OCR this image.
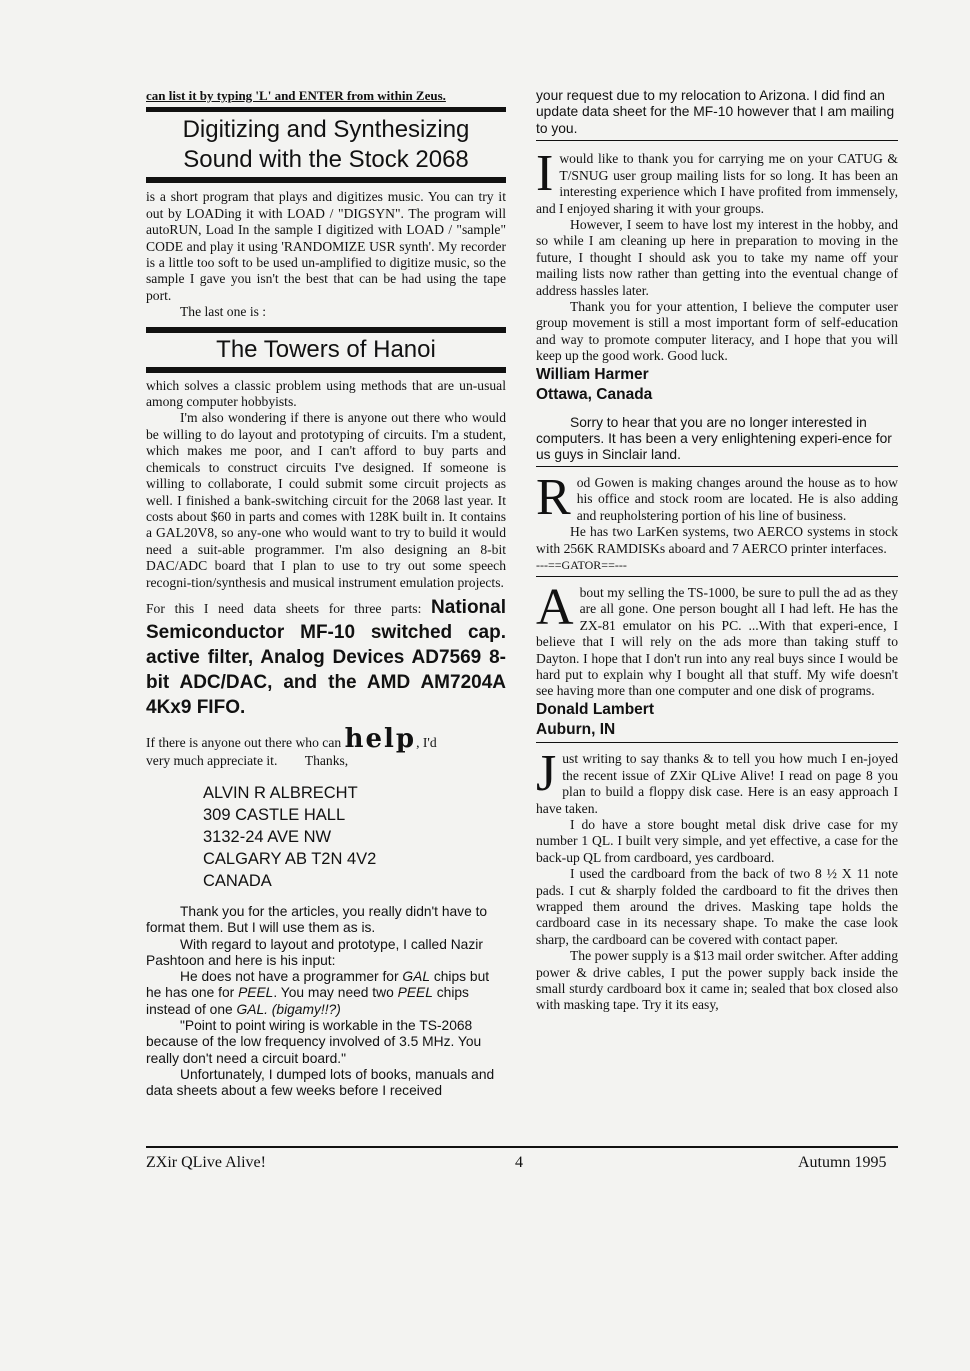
can list it by typing 'L' and ENTER from within Zeus.

Digitizing and Synthesizing
Sound with the Stock 2068

is a short program that plays and digitizes music. You can try it out by LOADing it with LOAD / "DIGSYN". The program will autoRUN, Load In the sample I digitized with LOAD / "sample" CODE and play it using 'RANDOMIZE USR synth'. My recorder is a little too soft to be used un-amplified to digitize music, so the sample I gave you isn't the best that can be had using the tape port.

The last one is :

The Towers of Hanoi

which solves a classic problem using methods that are un-usual among computer hobbyists.

I'm also wondering if there is anyone out there who would be willing to do layout and prototyping of circuits. I'm a student, which makes me poor, and I can't afford to buy parts and chemicals to construct circuits I've designed. If someone is willing to collaborate, I could submit some circuit projects as well. I finished a bank-switching circuit for the 2068 last year. It costs about $60 in parts and comes with 128K built in. It contains a GAL20V8, so any-one who would want to try to build it would need a suit-able programmer. I'm also designing an 8-bit DAC/ADC board that I plan to use to try out some speech recogni-tion/synthesis and musical instrument emulation projects.

For this I need data sheets for three parts: National Semiconductor MF-10 switched cap. active filter, Analog Devices AD7569 8-bit ADC/DAC, and the AMD AM7204A 4Kx9 FIFO.

If there is anyone out there who can help, I'd
very much appreciate it. Thanks,

ALVIN R ALBRECHT
309 CASTLE HALL
3132-24 AVE NW
CALGARY AB T2N 4V2
CANADA

Thank you for the articles, you really didn't have to format them. But I will use them as is.

With regard to layout and prototype, I called Nazir Pashtoon and here is his input:

He does not have a programmer for GAL chips but he has one for PEEL. You may need two PEEL chips instead of one GAL. (bigamy!!?)

"Point to point wiring is workable in the TS-2068 because of the low frequency involved of 3.5 MHz. You really don't need a circuit board."

Unfortunately, I dumped lots of books, manuals and data sheets about a few weeks before I received

your request due to my relocation to Arizona. I did find an update data sheet for the MF-10 however that I am mailing to you.

Iwould like to thank you for carrying me on your CATUG & T/SNUG user group mailing lists for so long. It has been an interesting experience which I have profited from immensely, and I enjoyed sharing it with your groups.

However, I seem to have lost my interest in the hobby, and so while I am cleaning up here in preparation to moving in the future, I thought I should ask you to take my name off your mailing lists now rather than getting into the eventual change of address hassles later.

Thank you for your attention, I believe the computer user group movement is still a most important form of self-education and way to promote computer literacy, and I hope that you will keep up the good work. Good luck.

William Harmer
Ottawa, Canada

Sorry to hear that you are no longer interested in computers. It has been a very enlightening experi-ence for us guys in Sinclair land.

Rod Gowen is making changes around the house as to how his office and stock room are located. He is also adding and reupholstering portion of his line of business.

He has two LarKen systems, two AERCO systems in stock with 256K RAMDISKs aboard and 7 AERCO printer interfaces.

---==GATOR==---

About my selling the TS-1000, be sure to pull the ad as they are all gone. One person bought all I had left. He has the ZX-81 emulator on his PC. ...With that experi-ence, I believe that I will rely on the ads more than taking stuff to Dayton. I hope that I don't run into any real buys since I would be hard put to explain why I bought all that stuff. My wife doesn't see having more than one computer and one disk of programs.

Donald Lambert
Auburn, IN

Just writing to say thanks & to tell you how much I en-joyed the recent issue of ZXir QLive Alive! I read on page 8 you plan to build a floppy disk case. Here is an easy approach I have taken.

I do have a store bought metal disk drive case for my number 1 QL. I built very simple, and yet effective, a case for the back-up QL from cardboard, yes cardboard.

I used the cardboard from the back of two 8 ½ X 11 note pads. I cut & sharply folded the cardboard to fit the drives then wrapped them around the drives. Masking tape holds the cardboard case in its necessary shape. To make the case look sharp, the cardboard can be covered with contact paper.

The power supply is a $13 mail order switcher. After adding power & drive cables, I put the power supply back inside the small sturdy cardboard box it came in; sealed that box closed also with masking tape. Try it its easy,

ZXir QLive Alive!	4	Autumn 1995
